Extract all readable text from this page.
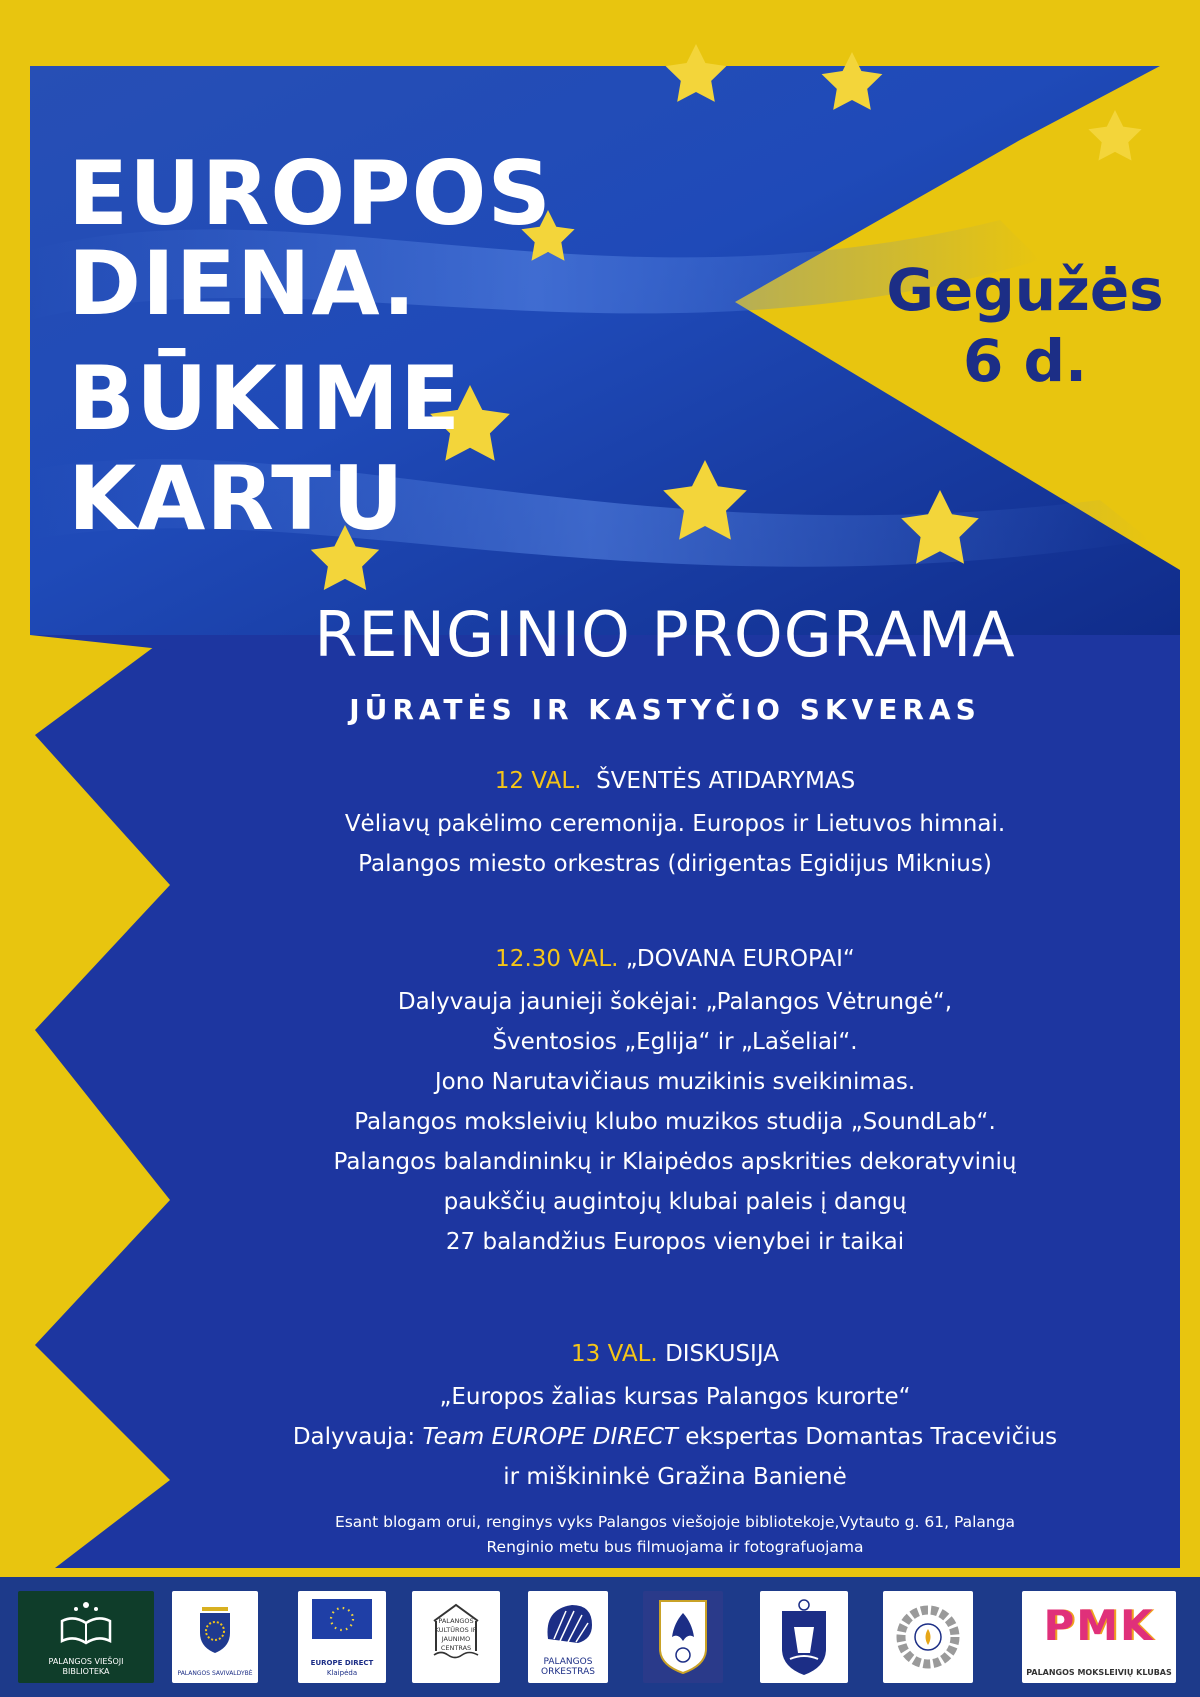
EUROPOS
DIENA.
BŪKIME
KARTU
Gegužės
6 d.
RENGINIO PROGRAMA
JŪRATĖS IR KASTYČIO SKVERAS
12 VAL. ŠVENTĖS ATIDARYMAS
Vėliavų pakėlimo ceremonija. Europos ir Lietuvos himnai.
Palangos miesto orkestras (dirigentas Egidijus Miknius)
12.30 VAL. „DOVANA EUROPAI“
Dalyvauja jaunieji šokėjai: „Palangos Vėtrungė“,
Šventosios „Eglija“ ir „Lašeliai“.
Jono Narutavičiaus muzikinis sveikinimas.
Palangos moksleivių klubo muzikos studija „SoundLab“.
Palangos balandininkų ir Klaipėdos apskrities dekoratyvinių
paukščių augintojų klubai paleis į dangų
27 balandžius Europos vienybei ir taikai
13 VAL. DISKUSIJA
„Europos žalias kursas Palangos kurorte“
Dalyvauja: Team EUROPE DIRECT ekspertas Domantas Tracevičius
ir miškininkė Gražina Banienė
Esant blogam orui, renginys vyks Palangos viešojoje bibliotekoje,Vytauto g. 61, Palanga
Renginio metu bus filmuojama ir fotografuojama
PALANGOS VIEŠOJI BIBLIOTEKA	PALANGOS SAVIVALDYBĖ
EUROPE DIRECT
Klaipėda
PALANGOS KULTŪROS IR JAUNIMO CENTRAS
PALANGOS ORKESTRAS
PMK
PALANGOS MOKSLEIVIŲ KLUBAS
